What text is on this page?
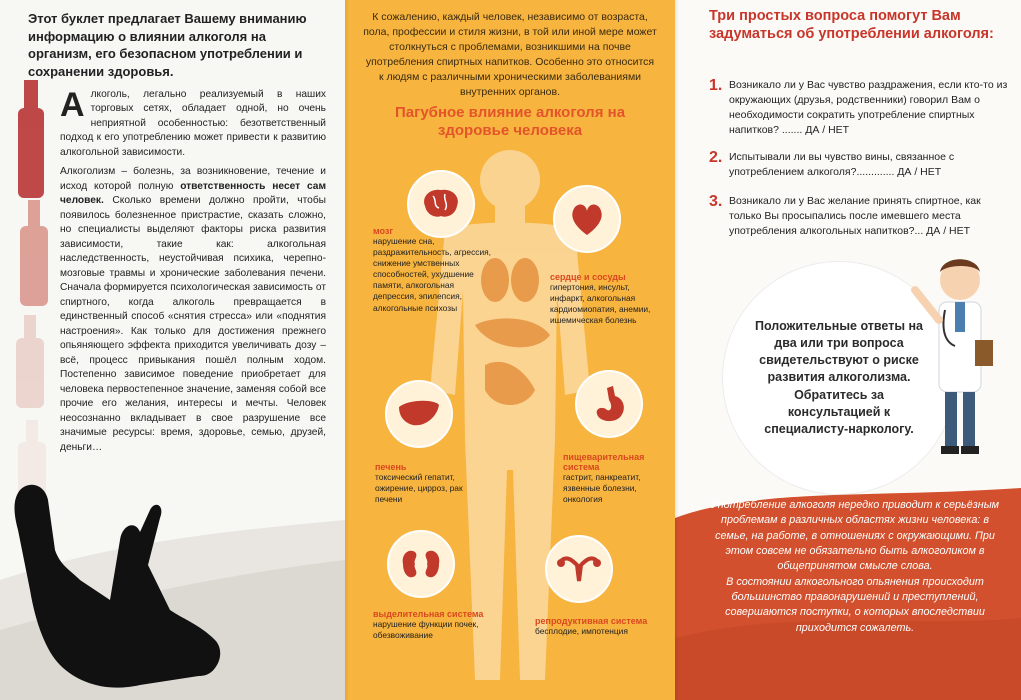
Этот буклет предлагает Вашему вниманию информацию о влиянии алкоголя на организм, его безопасном употреблении и сохранении здоровья.

Алкоголь, легально реализуемый в наших торговых сетях, обладает одной, но очень неприятной особенностью: безответственный подход к его употреблению может привести к развитию алкогольной зависимости.

Алкоголизм – болезнь, за возникновение, течение и исход которой полную ответственность несет сам человек. Сколько времени должно пройти, чтобы появилось болезненное пристрастие, сказать сложно, но специалисты выделяют факторы риска развития зависимости, такие как: алкогольная наследственность, неустойчивая психика, черепно-мозговые травмы и хронические заболевания печени. Сначала формируется психологическая зависимость от спиртного, когда алкоголь превращается в единственный способ «снятия стресса» или «поднятия настроения». Как только для достижения прежнего опьяняющего эффекта приходится увеличивать дозу – всё, процесс привыкания пошёл полным ходом. Постепенно зависимое поведение приобретает для человека первостепенное значение, заменяя собой все прочие его желания, интересы и мечты. Человек неосознанно вкладывает в свое разрушение все значимые ресурсы: время, здоровье, семью, друзей, деньги…

К сожалению, каждый человек, независимо от возраста, пола, профессии и стиля жизни, в той или иной мере может столкнуться с проблемами, возникшими на почве употребления спиртных напитков. Особенно это относится к людям с различными хроническими заболеваниями внутренних органов.
Пагубное влияние алкоголя на здоровье человека
мозг
нарушение сна, раздражительность, агрессия, снижение умственных способностей, ухудшение памяти, алкогольная депрессия, эпилепсия, алкогольные психозы
сердце и сосуды
гипертония, инсульт, инфаркт, алкогольная кардиомиопатия, анемии, ишемическая болезнь
печень
токсический гепатит, ожирение, цирроз, рак печени
пищеварительная система
гастрит, панкреатит, язвенные болезни, онкология
выделительная система
нарушение функции почек, обезвоживание
репродуктивная система
бесплодие, импотенция
Три простых вопроса помогут Вам задуматься об употреблении алкоголя:
1. Возникало ли у Вас чувство раздражения, если кто-то из окружающих (друзья, родственники) говорил Вам о необходимости сократить употребление спиртных напитков? ....... ДА / НЕТ
2. Испытывали ли вы чувство вины, связанное с употреблением алкоголя?............. ДА / НЕТ
3. Возникало ли у Вас желание принять спиртное, как только Вы просыпались после имевшего места употребления алкогольных напитков?... ДА / НЕТ
Положительные ответы на два или три вопроса свидетельствуют о риске развития алкоголизма. Обратитесь за консультацией к специалисту-наркологу.

Употребление алкоголя нередко приводит к серьёзным проблемам в различных областях жизни человека: в семье, на работе, в отношениях с окружающими. При этом совсем не обязательно быть алкоголиком в общепринятом смысле слова.

В состоянии алкогольного опьянения происходит большинство правонарушений и преступлений, совершаются поступки, о которых впоследствии приходится сожалеть.
